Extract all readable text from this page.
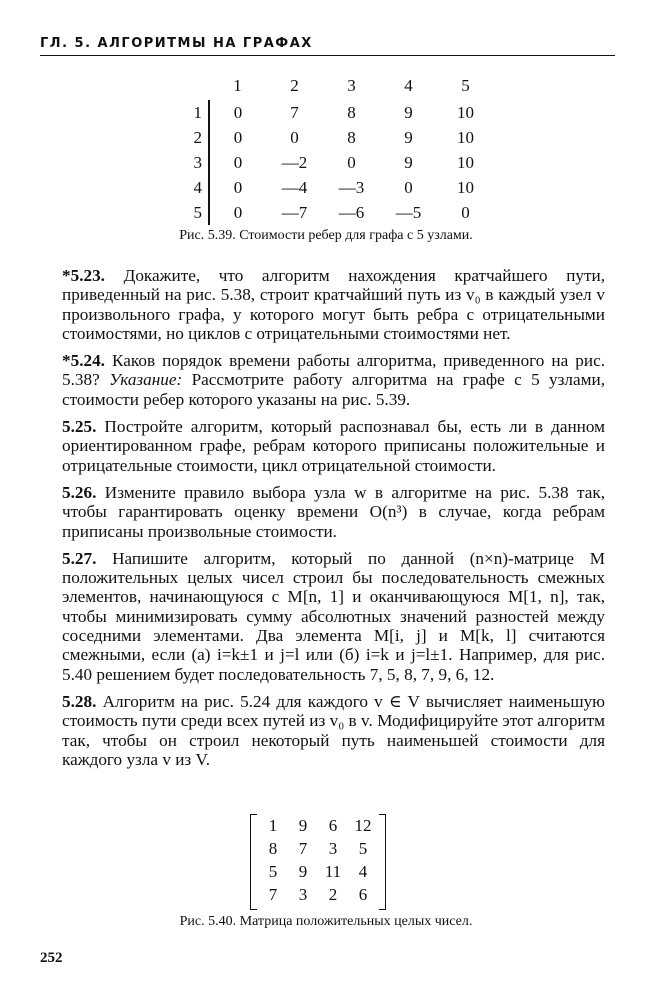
ГЛ. 5. АЛГОРИТМЫ НА ГРАФАХ
	1	2	3	4	5
1	0	7	8	9	10
2	0	0	8	9	10
3	0	—2	0	9	10
4	0	—4	—3	0	10
5	0	—7	—6	—5	0
Рис. 5.39. Стоимости ребер для графа с 5 узлами.

*5.23. Докажите, что алгоритм нахождения кратчайшего пути, приведенный на рис. 5.38, строит кратчайший путь из v₀ в каждый узел v произвольного графа, у которого могут быть ребра с отрицательными стоимостями, но циклов с отрицательными стоимостями нет.

*5.24. Каков порядок времени работы алгоритма, приведенного на рис. 5.38? Указание: Рассмотрите работу алгоритма на графе с 5 узлами, стоимости ребер которого указаны на рис. 5.39.

5.25. Постройте алгоритм, который распознавал бы, есть ли в данном ориентированном графе, ребрам которого приписаны положительные и отрицательные стоимости, цикл отрицательной стоимости.

5.26. Измените правило выбора узла w в алгоритме на рис. 5.38 так, чтобы гарантировать оценку времени O(n³) в случае, когда ребрам приписаны произвольные стоимости.

5.27. Напишите алгоритм, который по данной (n×n)-матрице M положительных целых чисел строил бы последовательность смежных элементов, начинающуюся с M[n, 1] и оканчивающуюся M[1, n], так, чтобы минимизировать сумму абсолютных значений разностей между соседними элементами. Два элемента M[i, j] и M[k, l] считаются смежными, если (а) i=k±1 и j=l или (б) i=k и j=l±1. Например, для рис. 5.40 решением будет последовательность 7, 5, 8, 7, 9, 6, 12.

5.28. Алгоритм на рис. 5.24 для каждого v ∈ V вычисляет наименьшую стоимость пути среди всех путей из v₀ в v. Модифицируйте этот алгоритм так, чтобы он строил некоторый путь наименьшей стоимости для каждого узла v из V.

1	9	6	12
8	7	3	5
5	9	11	4
7	3	2	6
Рис. 5.40. Матрица положительных целых чисел.
252
